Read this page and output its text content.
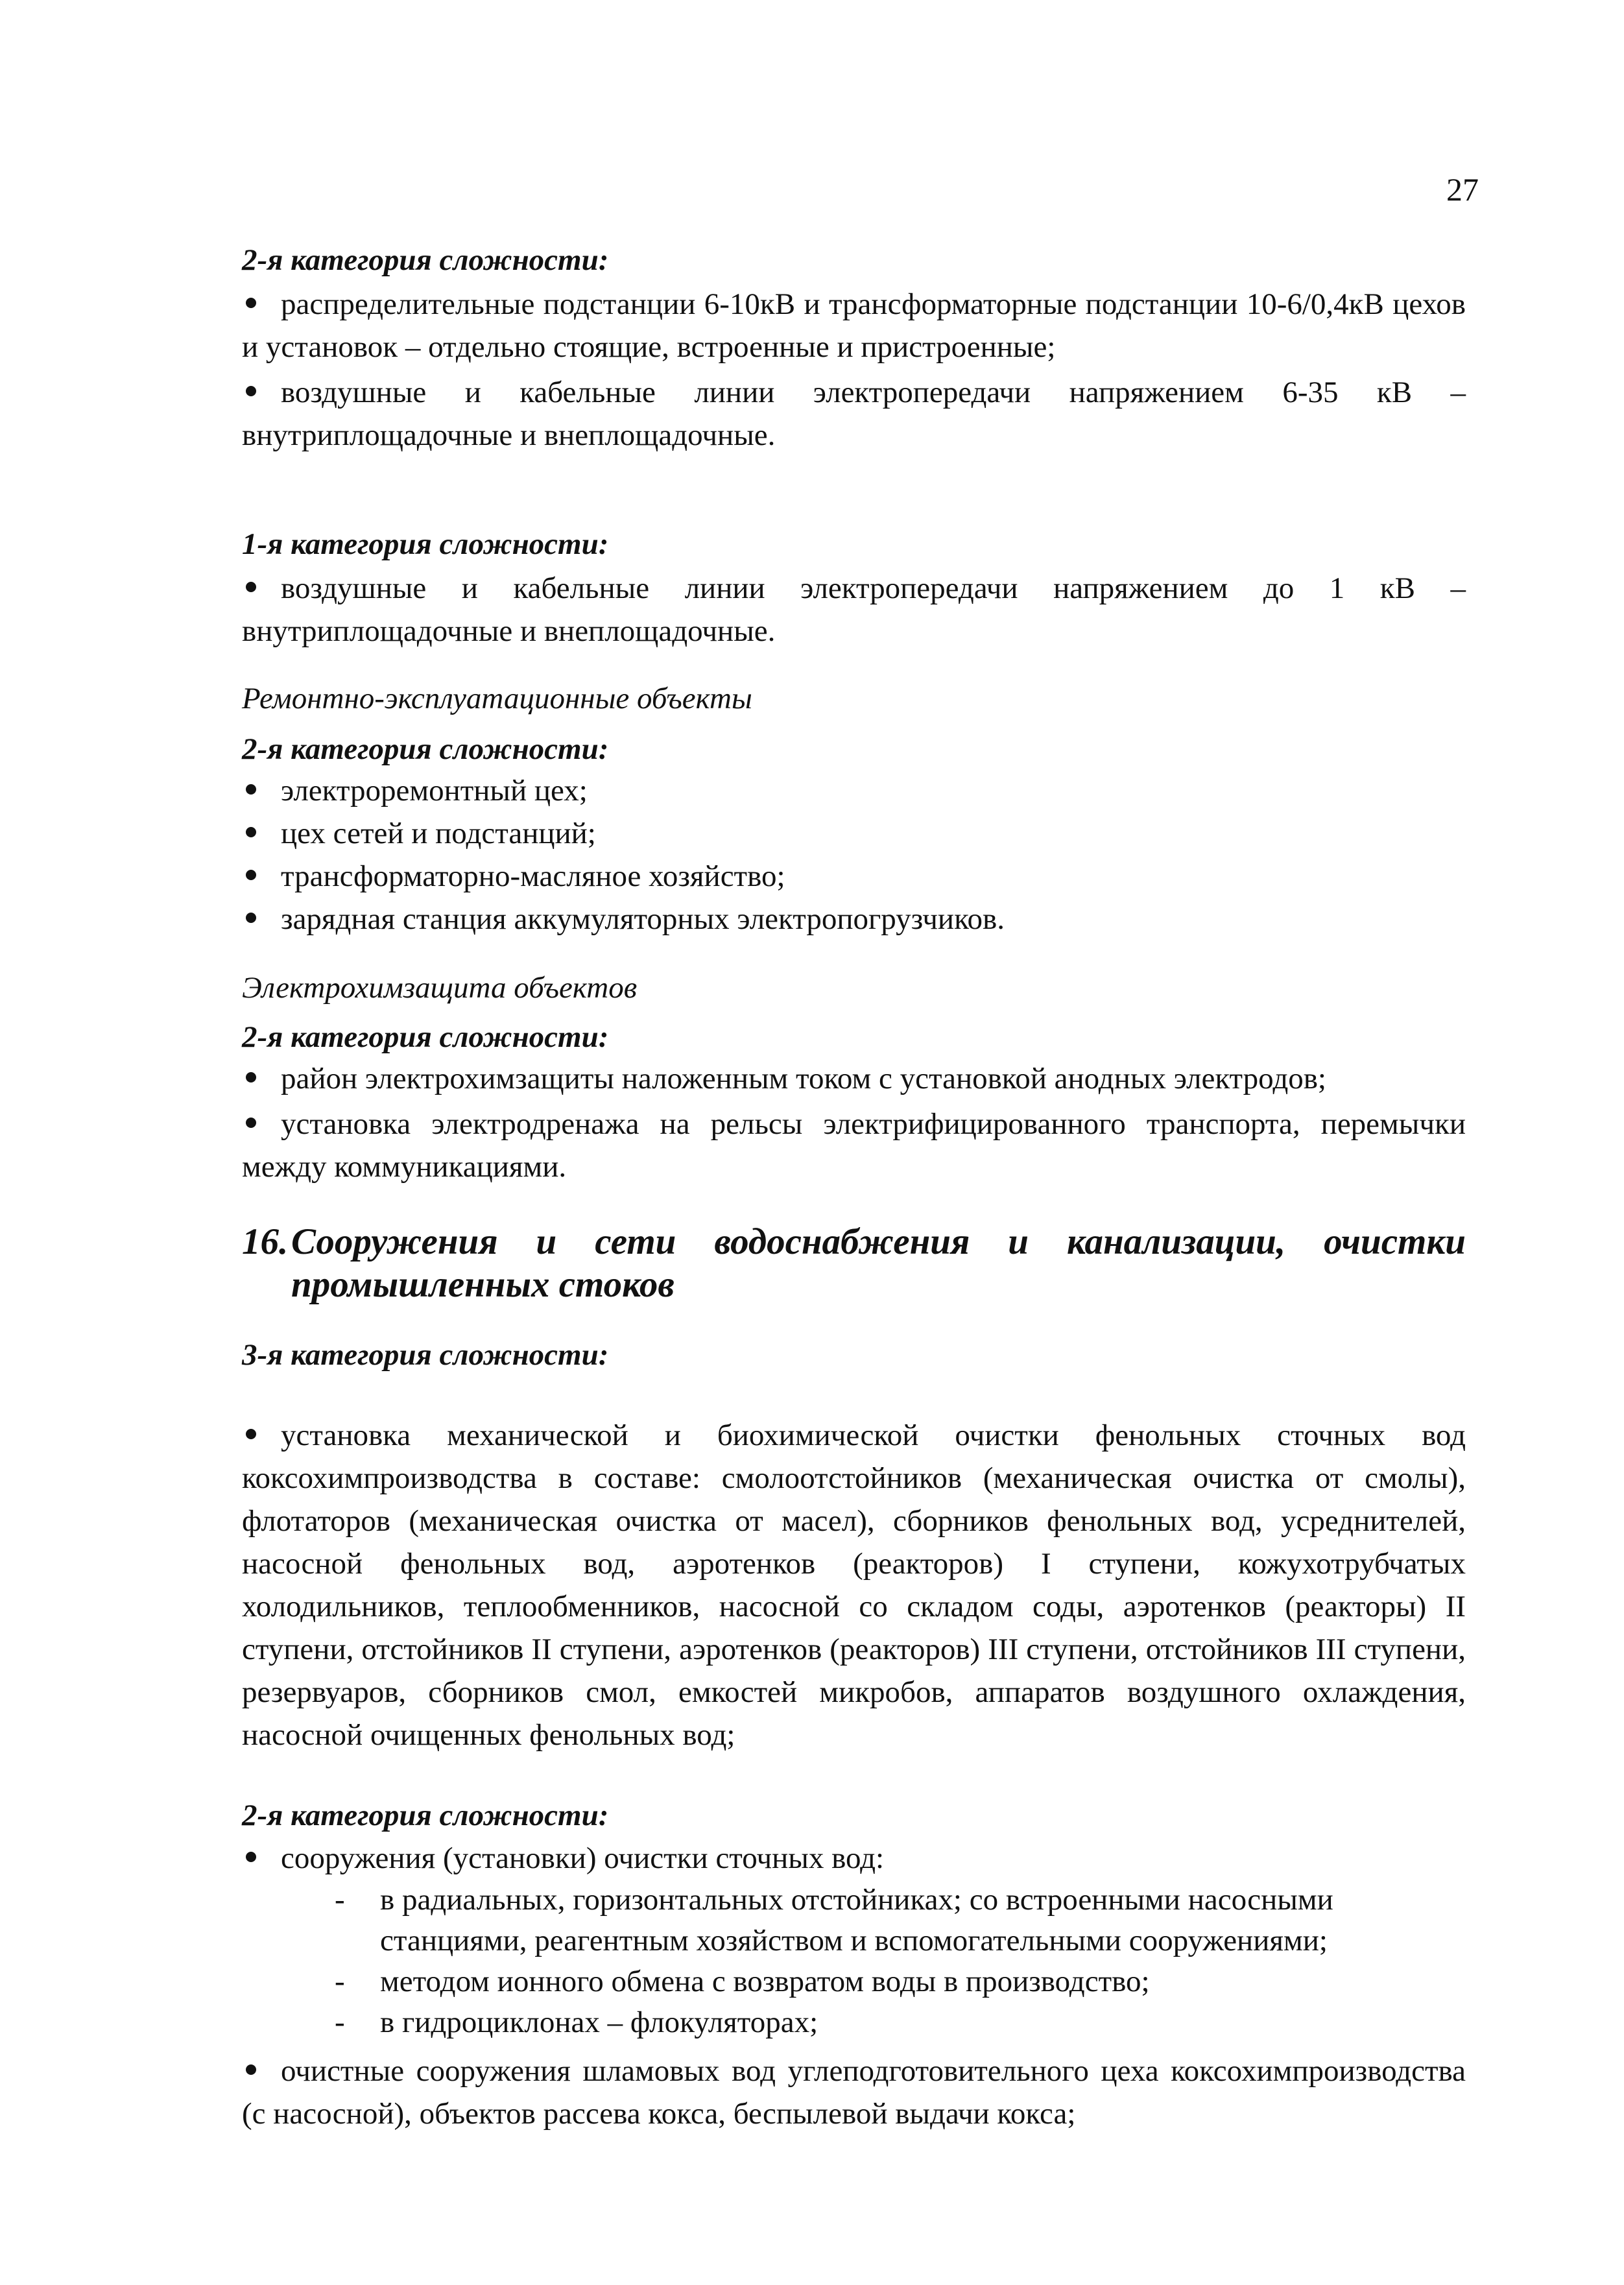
27

2-я категория сложности:

распределительные подстанции 6-10кВ и трансформаторные подстанции 10-6/0,4кВ цехов и установок – отдельно стоящие, встроенные и пристроенные;

воздушные и кабельные линии электропередачи напряжением 6-35 кВ – внутриплощадочные и внеплощадочные.

1-я категория сложности:

воздушные и кабельные линии электропередачи напряжением до 1 кВ – внутриплощадочные и внеплощадочные.

Ремонтно-эксплуатационные объекты

2-я категория сложности:

электроремонтный цех;

цех сетей и подстанций;

трансформаторно-масляное хозяйство;

зарядная станция аккумуляторных электропогрузчиков.

Электрохимзащита объектов

2-я категория сложности:

район электрохимзащиты наложенным током с установкой анодных электродов;

установка электродренажа на рельсы электрифицированного транспорта, перемычки между коммуникациями.

16. Сооружения и сети водоснабжения и канализации, очистки промышленных стоков

3-я категория сложности:

установка механической и биохимической очистки фенольных сточных вод коксохимпроизводства в составе: смолоотстойников (механическая очистка от смолы), флотаторов (механическая очистка от масел), сборников фенольных вод, усреднителей, насосной фенольных вод, аэротенков (реакторов) I ступени, кожухотрубчатых холодильников, теплообменников, насосной со складом соды, аэротенков (реакторы) II ступени, отстойников II ступени, аэротенков (реакторов) III ступени, отстойников III ступени, резервуаров, сборников смол, емкостей микробов, аппаратов воздушного охлаждения, насосной очищенных фенольных вод;

2-я категория сложности:

сооружения (установки) очистки сточных вод:

-	в радиальных, горизонтальных отстойниках; со встроенными насосными станциями, реагентным хозяйством и вспомогательными сооружениями;
-	методом ионного обмена с возвратом воды в производство;
-	в гидроциклонах – флокуляторах;

очистные сооружения шламовых вод углеподготовительного цеха коксохимпроизводства (с насосной), объектов рассева кокса, беспылевой выдачи кокса;
